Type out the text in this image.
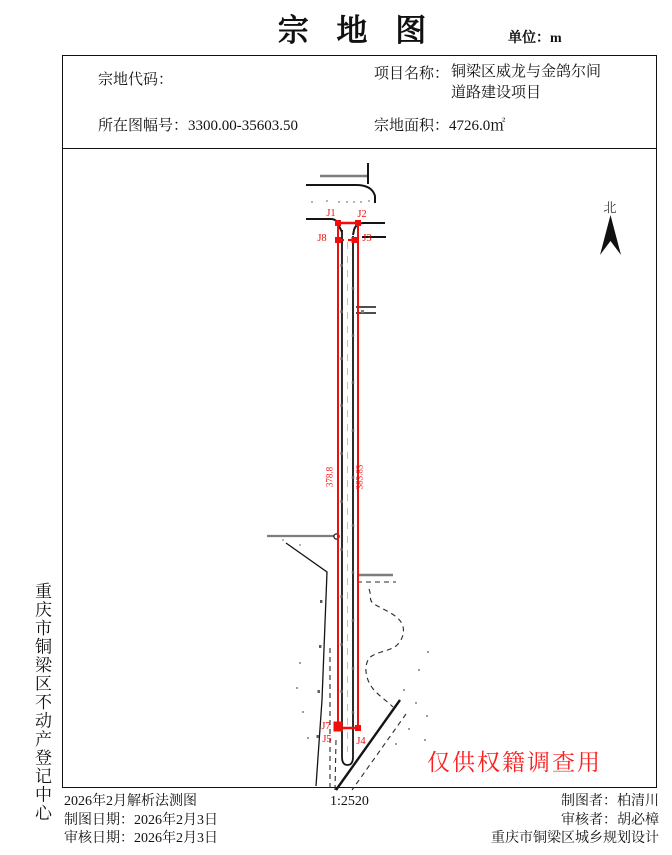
宗 地 图	单位：m
宗地代码：	项目名称： 铜梁区威龙与金鸽尔间
道路建设项目
所在图幅号：3300.00-35603.50	宗地面积：4726.0㎡
J1 J2
J8	J3
J7
J5 J4
378.8 383.83
北
仅供权籍调查用
重庆市铜梁区不动产登记中心 2026年2月解析法测图
制图日期：2026年2月3日
审核日期：2026年2月3日
1:2520	制图者：柏清川
审核者：胡必樟
重庆市铜梁区城乡规划设计
